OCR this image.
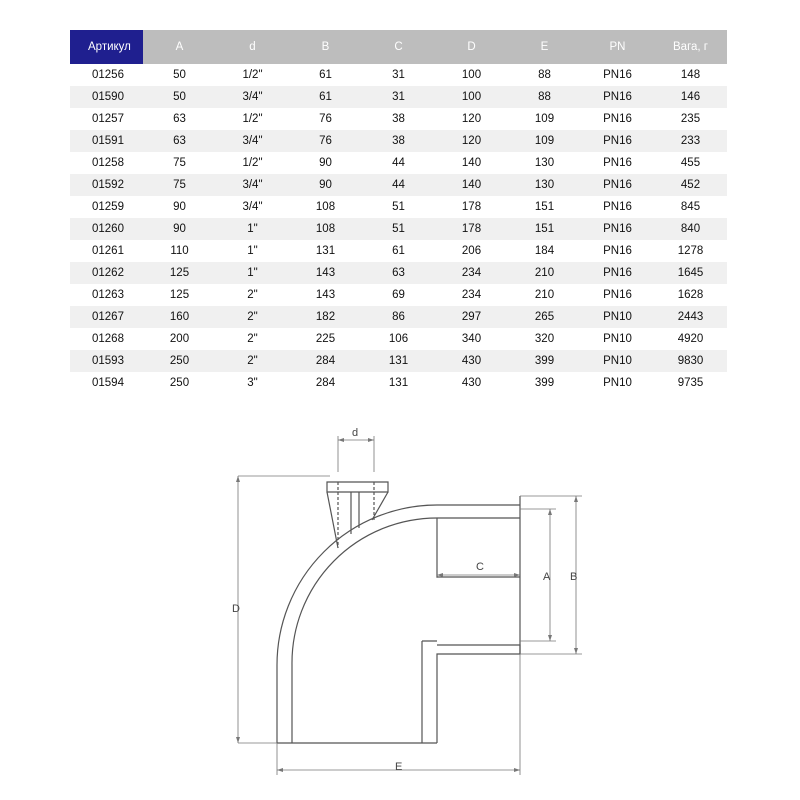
Артикул	A	d	B	C	D	E	PN	Вага, г
01256	50	1/2"	61	31	100	88	PN16	148
01590	50	3/4"	61	31	100	88	PN16	146
01257	63	1/2"	76	38	120	109	PN16	235
01591	63	3/4"	76	38	120	109	PN16	233
01258	75	1/2"	90	44	140	130	PN16	455
01592	75	3/4"	90	44	140	130	PN16	452
01259	90	3/4"	108	51	178	151	PN16	845
01260	90	1"	108	51	178	151	PN16	840
01261	110	1"	131	61	206	184	PN16	1278
01262	125	1"	143	63	234	210	PN16	1645
01263	125	2"	143	69	234	210	PN16	1628
01267	160	2"	182	86	297	265	PN10	2443
01268	200	2"	225	106	340	320	PN10	4920
01593	250	2"	284	131	430	399	PN10	9830
01594	250	3"	284	131	430	399	PN10	9735
d
C
A B
D
E
